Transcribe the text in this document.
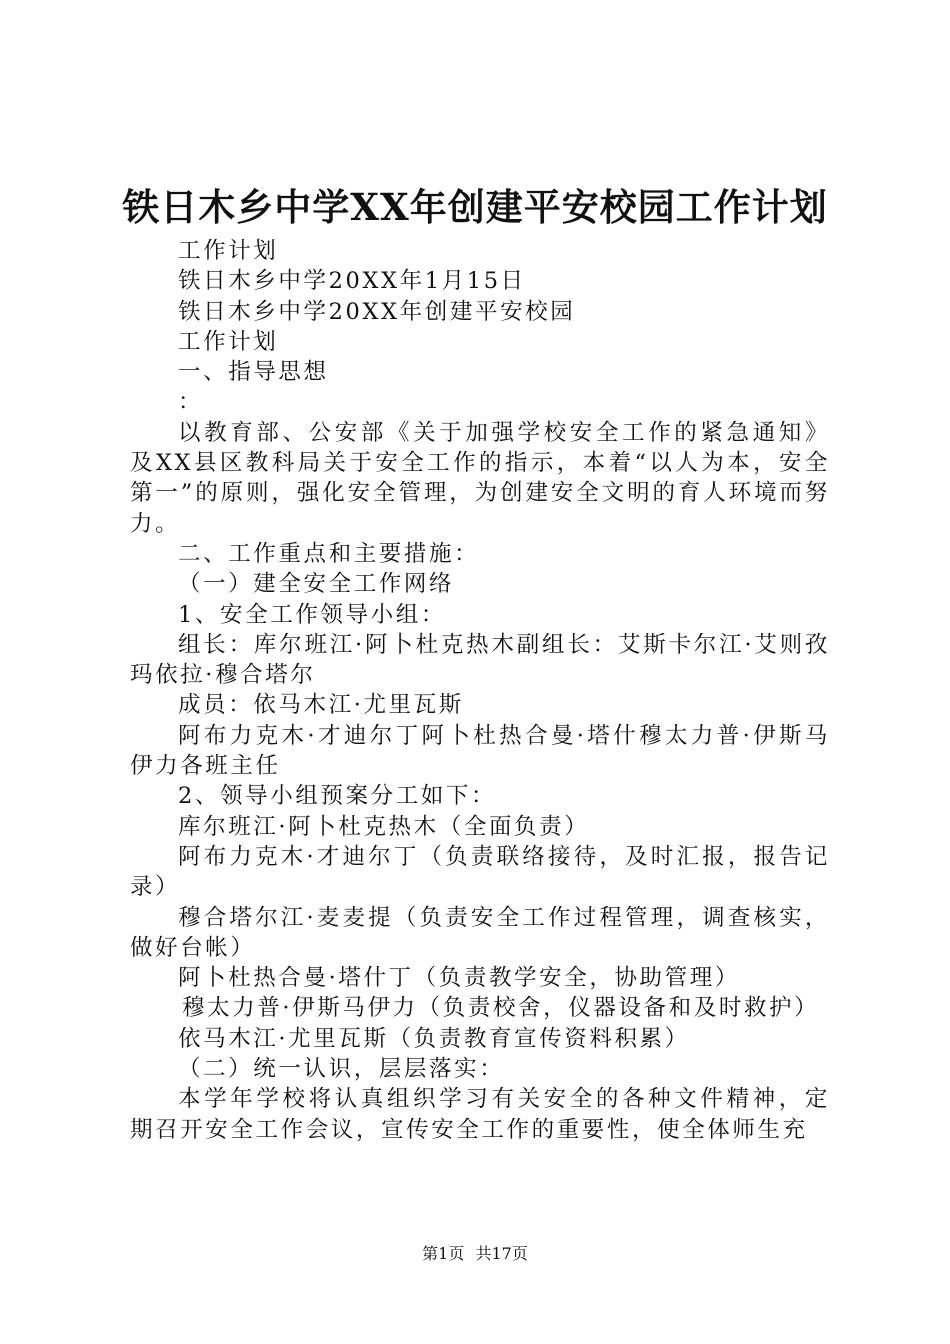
铁日木乡中学XX年创建平安校园工作计划

工作计划

铁日木乡中学20XX年1月15日

铁日木乡中学20XX年创建平安校园

工作计划

一、指导思想

：

以教育部、公安部《关于加强学校安全工作的紧急通知》及XX县区教科局关于安全工作的指示，本着“以人为本，安全第一”的原则，强化安全管理，为创建安全文明的育人环境而努力。

二、工作重点和主要措施：

（一）建全安全工作网络

1、安全工作领导小组：

组长：库尔班江·阿卜杜克热木副组长：艾斯卡尔江·艾则孜玛依拉·穆合塔尔

成员：依马木江·尤里瓦斯

阿布力克木·才迪尔丁阿卜杜热合曼·塔什穆太力普·伊斯马伊力各班主任

2、领导小组预案分工如下：

库尔班江·阿卜杜克热木（全面负责）

阿布力克木·才迪尔丁（负责联络接待，及时汇报，报告记录）

穆合塔尔江·麦麦提（负责安全工作过程管理，调查核实，做好台帐）

阿卜杜热合曼·塔什丁（负责教学安全，协助管理）

穆太力普·伊斯马伊力（负责校舍，仪器设备和及时救护）

依马木江·尤里瓦斯（负责教育宣传资料积累）

（二）统一认识，层层落实：

本学年学校将认真组织学习有关安全的各种文件精神，定期召开安全工作会议，宣传安全工作的重要性，使全体师生充

第1页 共17页
